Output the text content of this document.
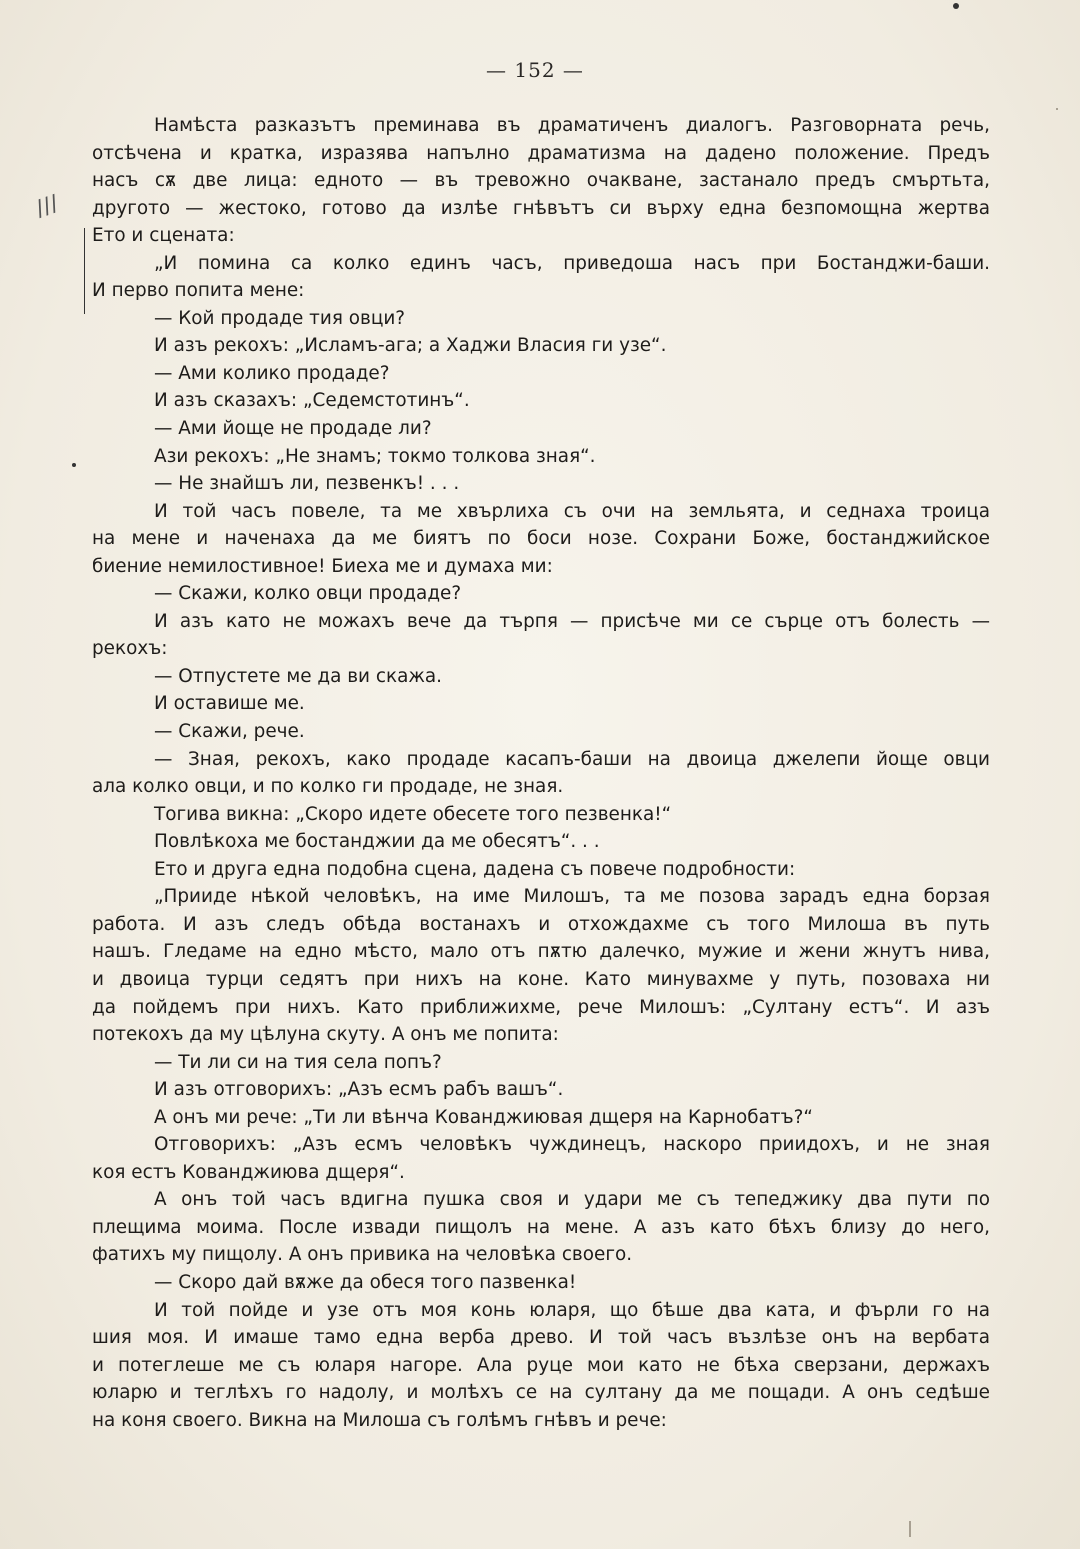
— 152 —
///
Намѣста разказътъ преминава въ драматиченъ диалогъ. Разговорната речь,
отсѣчена и кратка, изразява напълно драматизма на дадено положение. Предъ
насъ сѫ две лица: едното — въ тревожно очакване, застанало предъ смъртьта,
другото — жестоко, готово да излѣе гнѣвътъ си върху една безпомощна жертва
Ето и сцената:
„И помина са колко единъ часъ, приведоша насъ при Бостанджи-баши.
И перво попита мене:
— Кой продаде тия овци?
И азъ рекохъ: „Исламъ-ага; а Хаджи Власия ги узе“.
— Ами колико продаде?
И азъ сказахъ: „Седемстотинъ“.
— Ами йоще не продаде ли?
Ази рекохъ: „Не знамъ; токмо толкова зная“.
— Не знайшъ ли, пезвенкъ! . . .
И той часъ повеле, та ме хвърлиха съ очи на земльята, и седнаха троица
на мене и наченаха да ме биятъ по боси нозе. Сохрани Боже, бостанджийское
биение немилостивное! Биеха ме и думаха ми:
— Скажи, колко овци продаде?
И азъ като не можахъ вече да търпя — присѣче ми се сърце отъ болесть —
рекохъ:
— Отпустете ме да ви скажа.
И оставише ме.
— Скажи, рече.
— Зная, рекохъ, како продаде касапъ-баши на двоица джелепи йоще овци
ала колко овци, и по колко ги продаде, не зная.
Тогива викна: „Скоро идете обесете того пезвенка!“
Повлѣкоха ме бостанджии да ме обесятъ“. . .
Ето и друга една подобна сцена, дадена съ повече подробности:
„Прииде нѣкой человѣкъ, на име Милошъ, та ме позова зарадъ една борзая
работа. И азъ следъ обѣда востанахъ и отхождахме съ того Милоша въ путь
нашъ. Гледаме на едно мѣсто, мало отъ пѫтю далечко, мужие и жени жнутъ нива,
и двоица турци седятъ при нихъ на коне. Като минувахме у путь, позоваха ни
да пойдемъ при нихъ. Като приближихме, рече Милошъ: „Султану естъ“. И азъ
потекохъ да му цѣлуна скуту. А онъ ме попита:
— Ти ли си на тия села попъ?
И азъ отговорихъ: „Азъ есмъ рабъ вашъ“.
А онъ ми рече: „Ти ли вѣнча Кованджиювая дщеря на Карнобатъ?“
Отговорихъ: „Азъ есмъ человѣкъ чуждинецъ, наскоро приидохъ, и не зная
коя естъ Кованджиюва дщеря“.
А онъ той часъ вдигна пушка своя и удари ме съ тепеджику два пути по
плещима моима. После извади пищолъ на мене. А азъ като бѣхъ близу до него,
фатихъ му пищолу. А онъ привика на человѣка своего.
— Скоро дай вѫже да обеся того пазвенка!
И той пойде и узе отъ моя конь юларя, що бѣше два ката, и фърли го на
шия моя. И имаше тамо една верба древо. И той часъ възлѣзе онъ на вербата
и потеглеше ме съ юларя нагоре. Ала руце мои като не бѣха сверзани, держахъ
юларю и теглѣхъ го надолу, и молѣхъ се на султану да ме пощади. А онъ седѣше
на коня своего. Викна на Милоша съ голѣмъ гнѣвъ и рече:
